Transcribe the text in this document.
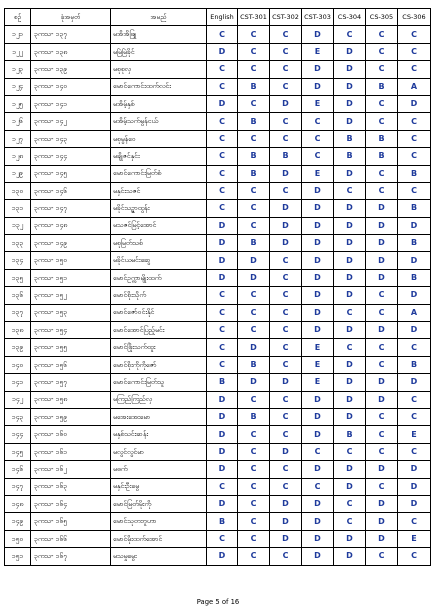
စဥ်	ခုံအမှတ်	အမည်	English	CST-301	CST-302	CST-303	CS-304	CS-305	CS-306
၁၂၁	၃ကသ- ၁၃၇	မအိအိဖြူ	C	C	C	D	C	C	C
၁၂၂	၃ကသ- ၁၃၈	မမြဲမြဲခိုင်	D	C	C	E	D	C	C
၁၂၃	၃ကသ- ၁၃၉	မစုစုလှ	C	C	C	D	D	C	C
၁၂၄	၃ကသ- ၁၄၀	မောင်ကောင်းထက်လင်း	C	B	C	D	D	B	A
၁၂၅	၃ကသ- ၁၄၁	မအိမ့်နှစ်	D	C	D	E	D	C	D
၁၂၆	၃ကသ- ၁၄၂	မအိမ့်သက်မွန်ငယ်	C	B	C	C	D	C	C
၁၂၇	၃ကသ- ၁၄၃	မစုမွန်ဝေ	C	C	C	C	B	B	C
၁၂၈	၃ကသ- ၁၄၄	မချိုဇင်နှင်း	C	B	B	C	B	B	C
၁၂၉	၃ကသ- ၁၄၅	မောင်ကောင်းမြတ်စံ	C	B	D	E	D	C	B
၁၃၀	၃ကသ- ၁၄၆	မနှင်းသဇင်	C	C	C	D	C	C	C
၁၃၁	၃ကသ- ၁၄၇	မခိုင်သဉ္ဇာထွန်း	C	C	D	D	D	D	B
၁၃၂	၃ကသ- ၁၄၈	မသဇင်မြင့်အောင်	D	C	D	D	D	D	D
၁၃၃	၃ကသ- ၁၄၉	မစုမြတ်သစ်	D	B	D	D	D	D	B
၁၃၄	၃ကသ- ၁၅၀	မခိုင်ယမင်းဆွေ	D	D	C	D	D	D	D
၁၃၅	၃ကသ- ၁၅၁	မောင်ဥက္ကာမျိုးထက်	D	D	C	D	D	D	B
၁၃၆	၃ကသ- ၁၅၂	မောင်စိုးသိုက်	C	C	C	D	D	C	D
၁၃၇	၃ကသ- ၁၅၃	မောင်ဇော်ဝင်းနိုင်	C	C	C	D	C	C	A
၁၃၈	၃ကသ- ၁၅၄	မောင်အောင်ပြည့်မင်း	C	C	C	D	D	D	D
၁၃၉	၃ကသ- ၁၅၅	မောင်ဖြိုးသက်ထူး	C	D	C	E	C	C	C
၁၄၀	၃ကသ- ၁၅၆	မောင်စိုးကိုကိုဇော်	C	B	C	E	D	C	B
၁၄၁	၃ကသ- ၁၅၇	မောင်ကောင်းမြတ်သူ	B	D	D	E	D	D	D
၁၄၂	၃ကသ- ၁၅၈	မကြည်ကြည်လှ	D	C	C	D	D	D	C
၁၄၃	၃ကသ- ၁၅၉	မအေးအေးမော	D	B	C	D	D	C	C
၁၄၄	၃ကသ- ၁၆၀	မနှစ်သင်းဆန်း	D	C	C	D	B	C	E
၁၄၅	၃ကသ- ၁၆၁	မလွင်လွင်မာ	D	C	D	C	C	C	C
၁၄၆	၃ကသ- ၁၆၂	မဓက်	D	C	C	D	D	D	D
၁၄၇	၃ကသ- ၁၆၃	မနှင်းဦးမွေ	C	C	C	C	D	C	D
၁၄၈	၃ကသ- ၁၆၄	မောင်မြတ်မိုးကို	D	C	D	D	C	D	D
၁၄၉	၃ကသ- ၁၆၅	မောင်သုတဘူဟာ	B	C	D	D	C	D	C
၁၅၀	၃ကသ- ၁၆၆	မောင်မိုးထက်အောင်	C	C	D	D	D	D	E
၁၅၁	၃ကသ- ၁၆၇	မသမှုမွေး	D	C	C	D	D	C	C
Page 5 of 16
